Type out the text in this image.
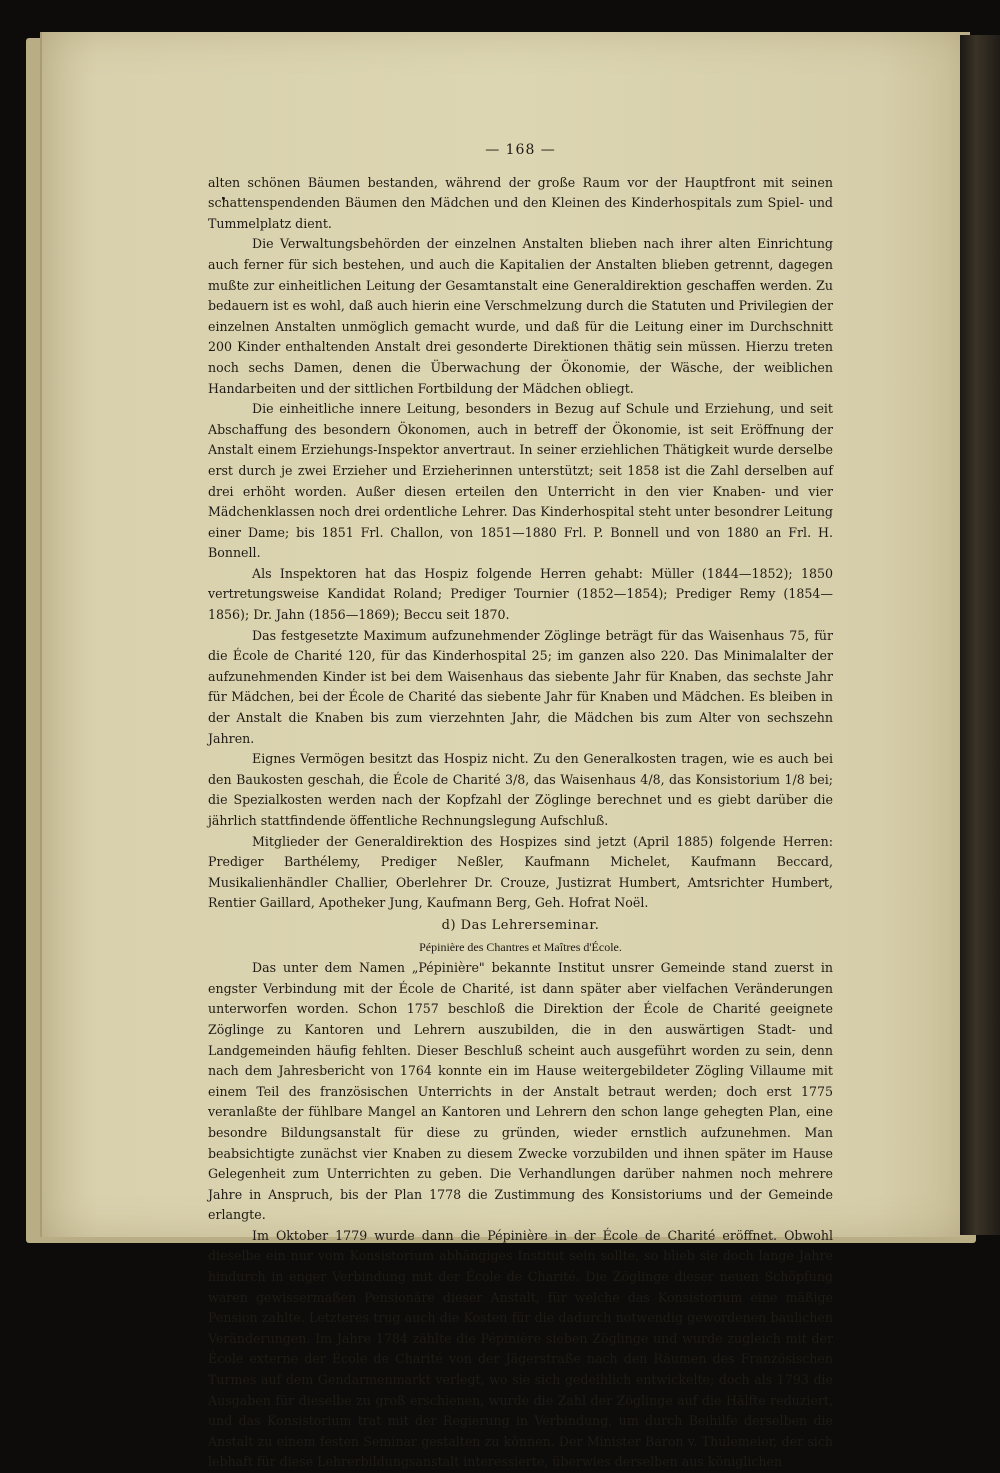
— 168 —

alten schönen Bäumen bestanden, während der große Raum vor der Hauptfront mit seinen schattenspendenden Bäumen den Mädchen und den Kleinen des Kinderhospitals zum Spiel- und Tummelplatz dient.

Die Verwaltungsbehörden der einzelnen Anstalten blieben nach ihrer alten Einrichtung auch ferner für sich bestehen, und auch die Kapitalien der Anstalten blieben getrennt, dagegen mußte zur einheitlichen Leitung der Gesamtanstalt eine Generaldirektion geschaffen werden. Zu bedauern ist es wohl, daß auch hierin eine Verschmelzung durch die Statuten und Privilegien der einzelnen Anstalten unmöglich gemacht wurde, und daß für die Leitung einer im Durchschnitt 200 Kinder enthaltenden Anstalt drei gesonderte Direktionen thätig sein müssen. Hierzu treten noch sechs Damen, denen die Überwachung der Ökonomie, der Wäsche, der weiblichen Handarbeiten und der sittlichen Fortbildung der Mädchen obliegt.

Die einheitliche innere Leitung, besonders in Bezug auf Schule und Erziehung, und seit Abschaffung des besondern Ökonomen, auch in betreff der Ökonomie, ist seit Eröffnung der Anstalt einem Erziehungs-Inspektor anvertraut. In seiner erziehlichen Thätigkeit wurde derselbe erst durch je zwei Erzieher und Erzieherinnen unterstützt; seit 1858 ist die Zahl derselben auf drei erhöht worden. Außer diesen erteilen den Unterricht in den vier Knaben- und vier Mädchenklassen noch drei ordentliche Lehrer. Das Kinderhospital steht unter besondrer Leitung einer Dame; bis 1851 Frl. Challon, von 1851—1880 Frl. P. Bonnell und von 1880 an Frl. H. Bonnell.

Als Inspektoren hat das Hospiz folgende Herren gehabt: Müller (1844—1852); 1850 vertretungsweise Kandidat Roland; Prediger Tournier (1852—1854); Prediger Remy (1854—1856); Dr. Jahn (1856—1869); Beccu seit 1870.

Das festgesetzte Maximum aufzunehmender Zöglinge beträgt für das Waisenhaus 75, für die École de Charité 120, für das Kinderhospital 25; im ganzen also 220. Das Minimalalter der aufzunehmenden Kinder ist bei dem Waisenhaus das siebente Jahr für Knaben, das sechste Jahr für Mädchen, bei der École de Charité das siebente Jahr für Knaben und Mädchen. Es bleiben in der Anstalt die Knaben bis zum vierzehnten Jahr, die Mädchen bis zum Alter von sechszehn Jahren.

Eignes Vermögen besitzt das Hospiz nicht. Zu den Generalkosten tragen, wie es auch bei den Baukosten geschah, die École de Charité 3/8, das Waisenhaus 4/8, das Konsistorium 1/8 bei; die Spezialkosten werden nach der Kopfzahl der Zöglinge berechnet und es giebt darüber die jährlich stattfindende öffentliche Rechnungslegung Aufschluß.

Mitglieder der Generaldirektion des Hospizes sind jetzt (April 1885) folgende Herren: Prediger Barthélemy, Prediger Neßler, Kaufmann Michelet, Kaufmann Beccard, Musikalienhändler Challier, Oberlehrer Dr. Crouze, Justizrat Humbert, Amtsrichter Humbert, Rentier Gaillard, Apotheker Jung, Kaufmann Berg, Geh. Hofrat Noël.

d) Das Lehrerseminar.
Pépinière des Chantres et Maîtres d'École.

Das unter dem Namen „Pépinière" bekannte Institut unsrer Gemeinde stand zuerst in engster Verbindung mit der École de Charité, ist dann später aber vielfachen Veränderungen unterworfen worden. Schon 1757 beschloß die Direktion der École de Charité geeignete Zöglinge zu Kantoren und Lehrern auszubilden, die in den auswärtigen Stadt- und Landgemeinden häufig fehlten. Dieser Beschluß scheint auch ausgeführt worden zu sein, denn nach dem Jahresbericht von 1764 konnte ein im Hause weitergebildeter Zögling Villaume mit einem Teil des französischen Unterrichts in der Anstalt betraut werden; doch erst 1775 veranlaßte der fühlbare Mangel an Kantoren und Lehrern den schon lange gehegten Plan, eine besondre Bildungsanstalt für diese zu gründen, wieder ernstlich aufzunehmen. Man beabsichtigte zunächst vier Knaben zu diesem Zwecke vorzubilden und ihnen später im Hause Gelegenheit zum Unterrichten zu geben. Die Verhandlungen darüber nahmen noch mehrere Jahre in Anspruch, bis der Plan 1778 die Zustimmung des Konsistoriums und der Gemeinde erlangte.

Im Oktober 1779 wurde dann die Pépinière in der École de Charité eröffnet. Obwohl dieselbe ein nur vom Konsistorium abhängiges Institut sein sollte, so blieb sie doch lange Jahre hindurch in enger Verbindung mit der École de Charité. Die Zöglinge dieser neuen Schöpfung waren gewissermaßen Pensionäre dieser Anstalt, für welche das Konsistorium eine mäßige Pension zahlte. Letzteres trug auch die Kosten für die dadurch notwendig gewordenen baulichen Veränderungen. Im Jahre 1784 zählte die Pépinière sieben Zöglinge und wurde zugleich mit der École externe der École de Charité von der Jägerstraße nach den Räumen des Französischen Turmes auf dem Gendarmenmarkt verlegt, wo sie sich gedeihlich entwickelte; doch als 1793 die Ausgaben für dieselbe zu groß erschienen, wurde die Zahl der Zöglinge auf die Hälfte reduziert, und das Konsistorium trat mit der Regierung in Verbindung, um durch Beihilfe derselben die Anstalt zu einem festen Seminar gestalten zu können. Der Minister Baron v. Thulemeier, der sich lebhaft für diese Lehrerbildungsanstalt interessierte, überwies derselben aus königlichen
